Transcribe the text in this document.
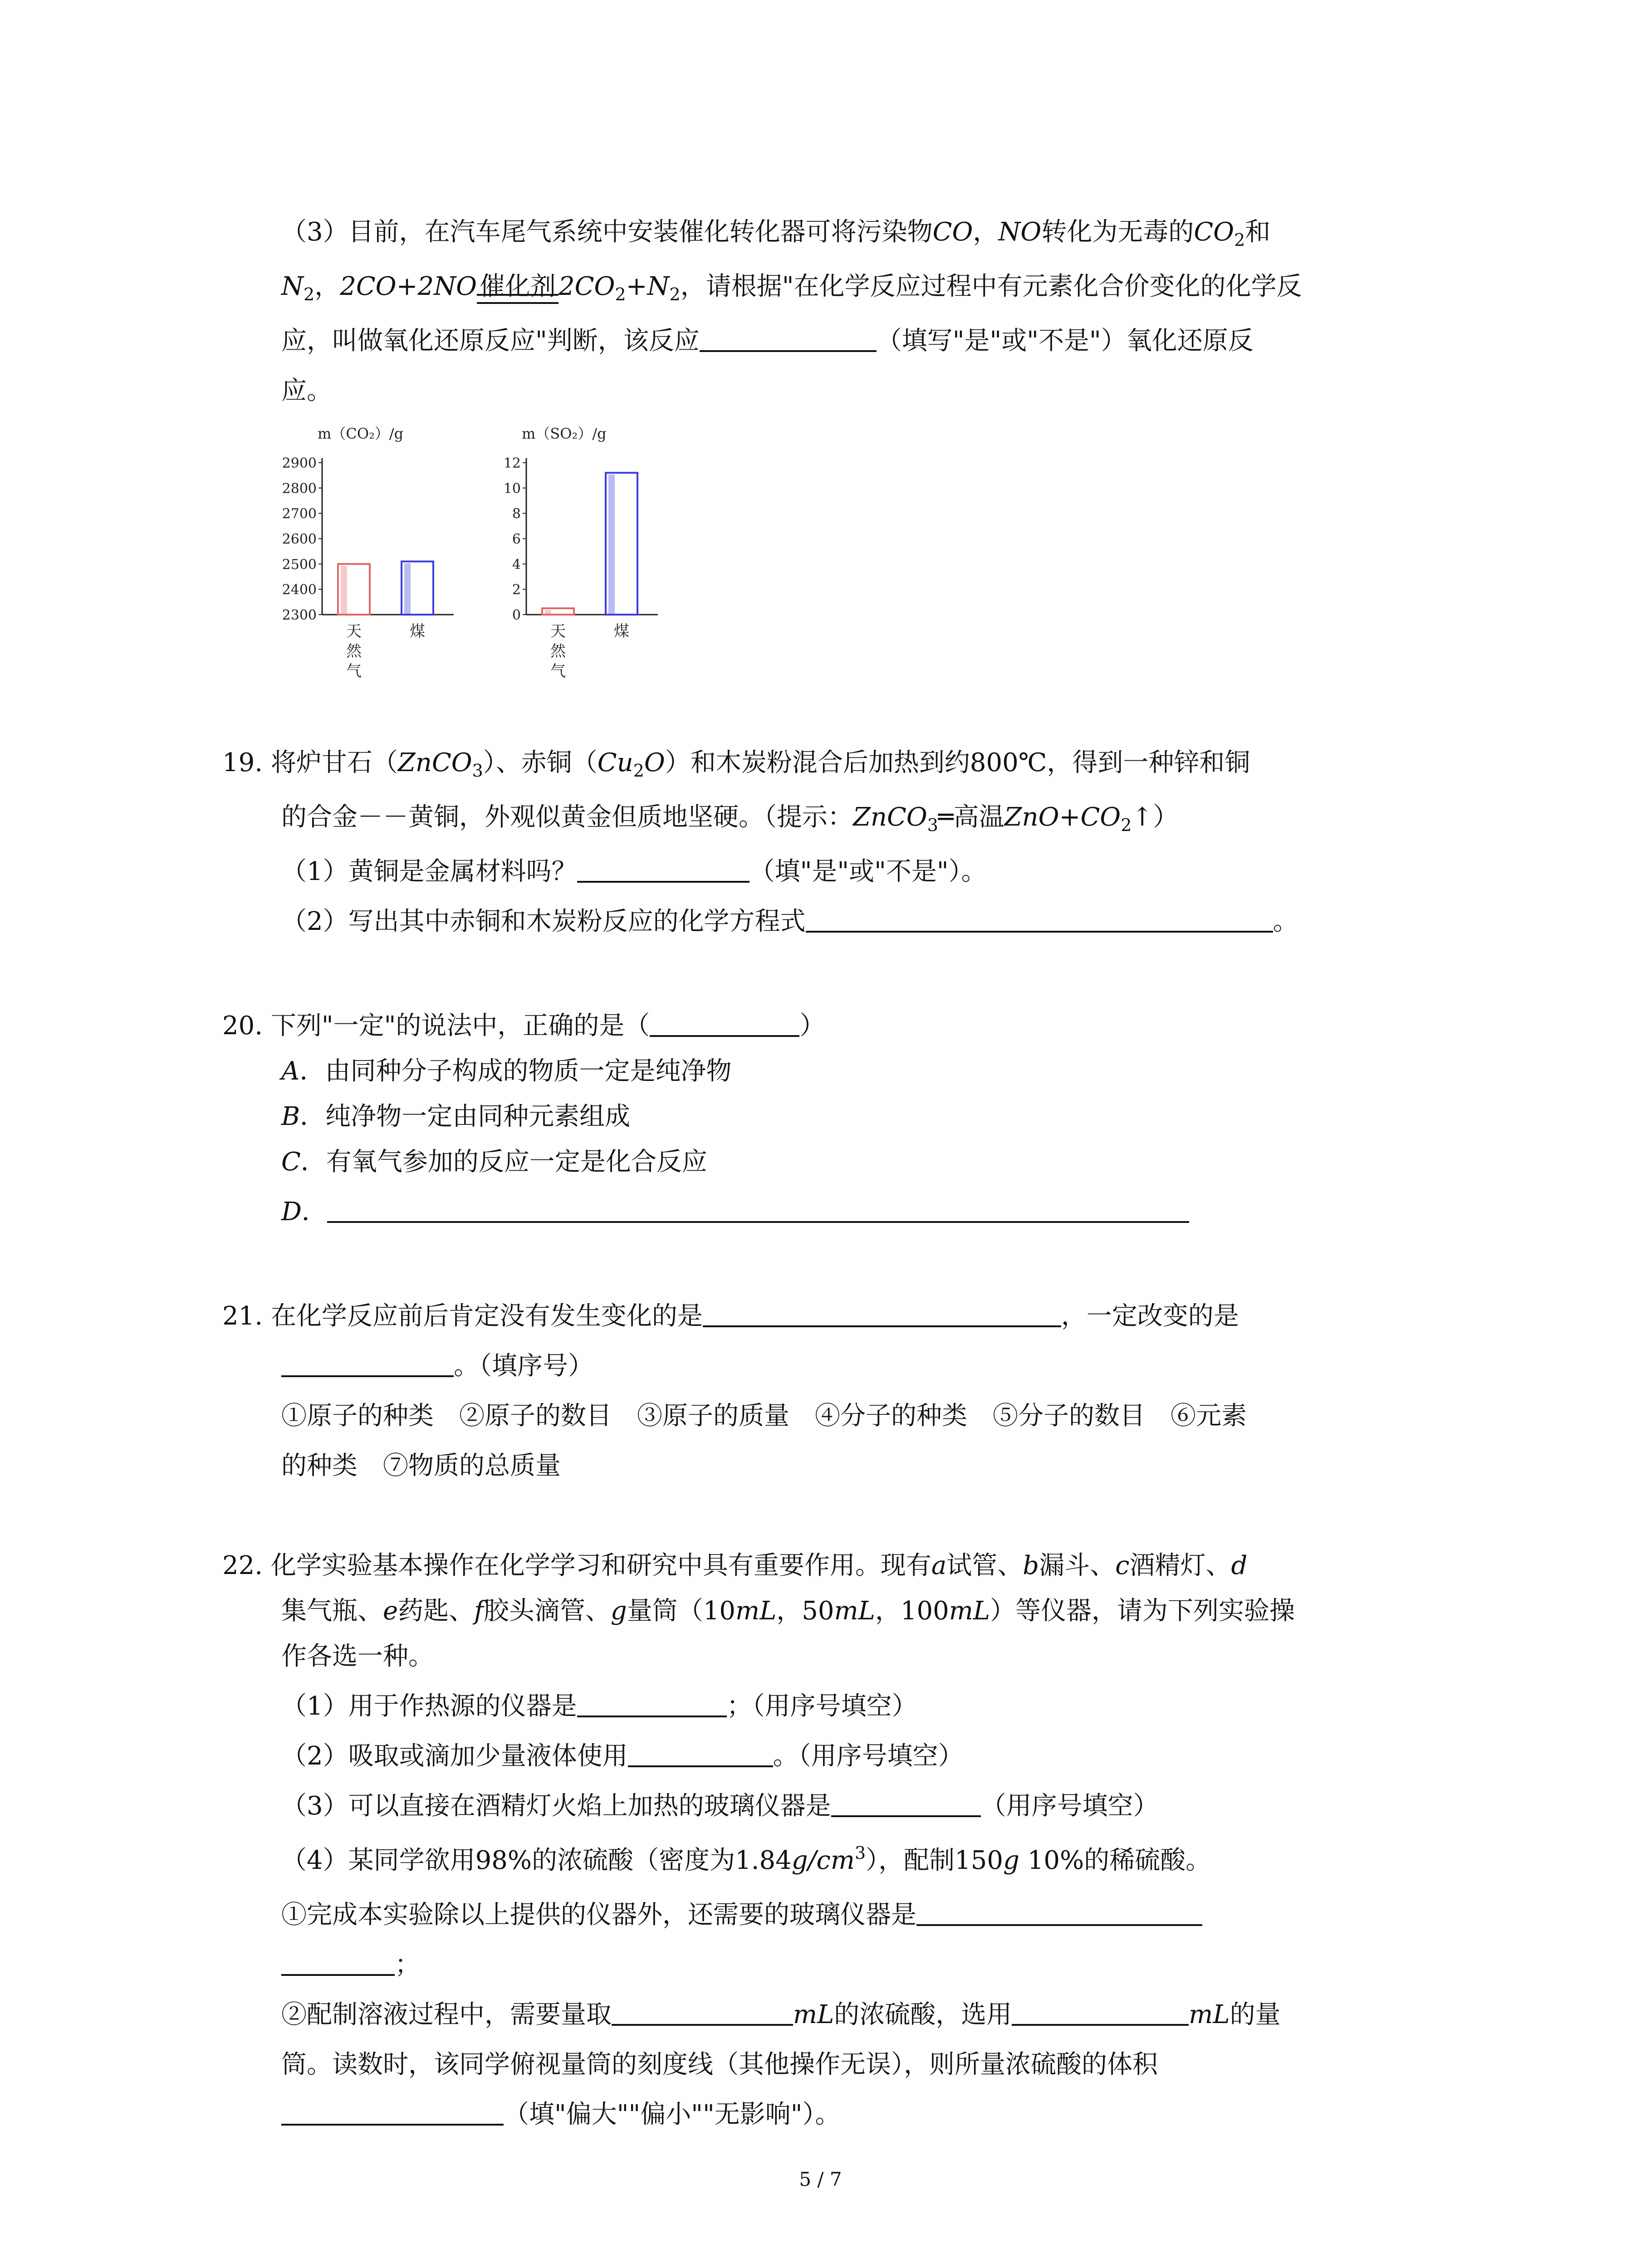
（3）目前，在汽车尾气系统中安装催化转化器可将污染物CO，NO转化为无毒的$CO_2$和
$N_2$，2CO+2NO 催化剂 $2CO_2+N_2$，请根据"在化学反应过程中有元素化合价变化的化学反
应，叫做氧化还原反应"判断，该反应	（填写"是"或"不是"）氧化还原反
应。
m（CO₂）/g
2300
2400
2500
2600
2700
2800
2900
天然气
煤
m（SO₂）/g
0
2
4
6
8
10
12
天然气
煤
19. 将炉甘石（ZnCO$_3$）、赤铜$(Cu_2O)$和木炭粉混合后加热到约800℃，得到一种锌和铜
的合金－－黄铜，外观似黄金但质地坚硬。（提示：ZnCO$_3$═高温$ZnO+CO_2↑$）
（1）黄铜是金属材料吗？	（填"是"或"不是"）。
（2）写出其中赤铜和木炭粉反应的化学方程式	。
20. 下列"一定"的说法中，正确的是（	）
A．由同种分子构成的物质一定是纯净物
B．纯净物一定由同种元素组成
C．有氧气参加的反应一定是化合反应
D．
21. 在化学反应前后肯定没有发生变化的是	，一定改变的是
。（填序号）
①原子的种类　②原子的数目　③原子的质量　④分子的种类　⑤分子的数目　⑥元素
的种类　⑦物质的总质量
22. 化学实验基本操作在化学学习和研究中具有重要作用。现有a试管、b漏斗、c酒精灯、d
集气瓶、e药匙、f胶头滴管、g量筒（10mL，50mL，100mL）等仪器，请为下列实验操
作各选一种。
（1）用于作热源的仪器是	；（用序号填空）
（2）吸取或滴加少量液体使用	。（用序号填空）
（3）可以直接在酒精灯火焰上加热的玻璃仪器是	（用序号填空）
（4）某同学欲用98%的浓硫酸（密度为$1.84g/cm^3$），配制150g 10%的稀硫酸。
①完成本实验除以上提供的仪器外，还需要的玻璃仪器是
；
②配制溶液过程中，需要量取	mL的浓硫酸，选用	mL的量
筒。读数时，该同学俯视量筒的刻度线（其他操作无误），则所量浓硫酸的体积
（填"偏大""偏小""无影响"）。
5 / 7
